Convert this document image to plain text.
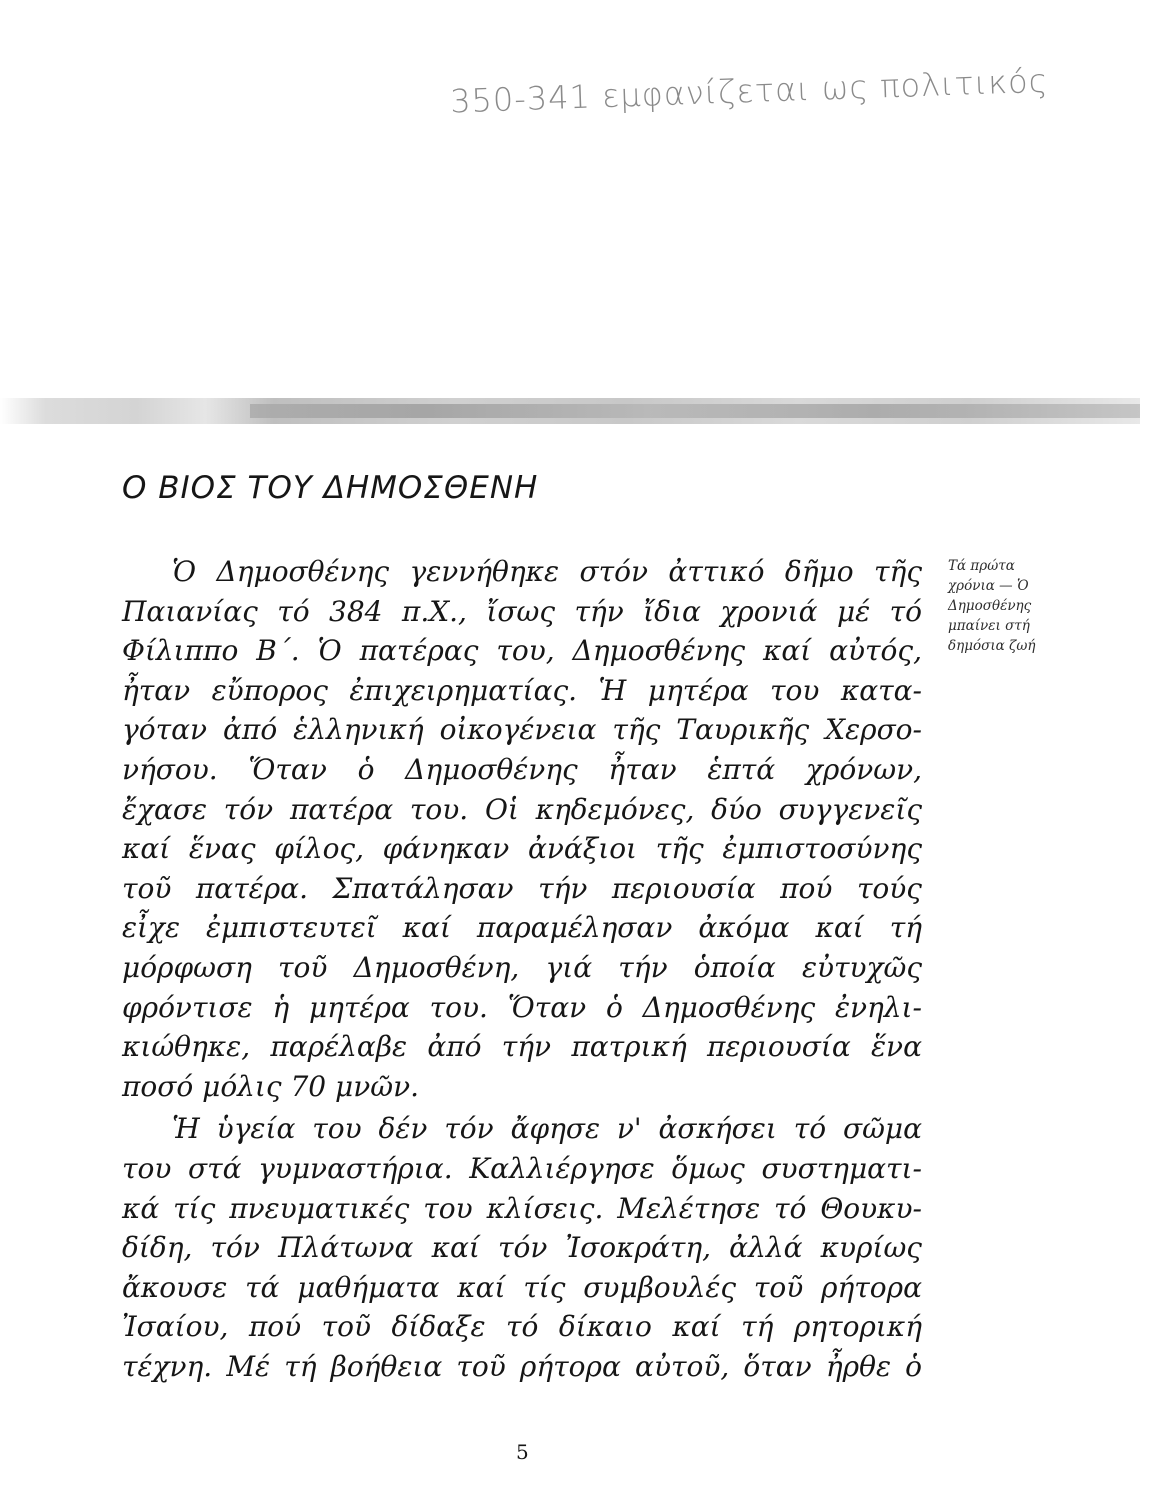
350-341 εμφανίζεται ως πολιτικός
Ο ΒΙΟΣ ΤΟΥ ΔΗΜΟΣΘΕΝΗ
Ὁ Δημοσθένης γεννήθηκε στόν ἀττικό δῆμο τῆς
Παιανίας τό 384 π.Χ., ἴσως τήν ἴδια χρονιά μέ τό
Φίλιππο Β΄. Ὁ πατέρας του, Δημοσθένης καί αὐτός,
ἦταν εὔπορος ἐπιχειρηματίας. Ἡ μητέρα του κατα-
γόταν ἀπό ἑλληνική οἰκογένεια τῆς Ταυρικῆς Χερσο-
νήσου. Ὅταν ὁ Δημοσθένης ἦταν ἑπτά χρόνων,
ἔχασε τόν πατέρα του. Οἱ κηδεμόνες, δύο συγγενεῖς
καί ἕνας φίλος, φάνηκαν ἀνάξιοι τῆς ἐμπιστοσύνης
τοῦ πατέρα. Σπατάλησαν τήν περιουσία πού τούς
εἶχε ἐμπιστευτεῖ καί παραμέλησαν ἀκόμα καί τή
μόρφωση τοῦ Δημοσθένη, γιά τήν ὁποία εὐτυχῶς
φρόντισε ἡ μητέρα του. Ὅταν ὁ Δημοσθένης ἐνηλι-
κιώθηκε, παρέλαβε ἀπό τήν πατρική περιουσία ἕνα
ποσό μόλις 70 μνῶν.
Ἡ ὑγεία του δέν τόν ἄφησε ν' ἀσκήσει τό σῶμα
του στά γυμναστήρια. Καλλιέργησε ὅμως συστηματι-
κά τίς πνευματικές του κλίσεις. Μελέτησε τό Θουκυ-
δίδη, τόν Πλάτωνα καί τόν Ἰσοκράτη, ἀλλά κυρίως
ἄκουσε τά μαθήματα καί τίς συμβουλές τοῦ ρήτορα
Ἰσαίου, πού τοῦ δίδαξε τό δίκαιο καί τή ρητορική
τέχνη. Μέ τή βοήθεια τοῦ ρήτορα αὐτοῦ, ὅταν ἦρθε ὁ
Τά πρώτα
χρόνια — Ὁ
Δημοσθένης
μπαίνει στή
δημόσια ζωή
5
